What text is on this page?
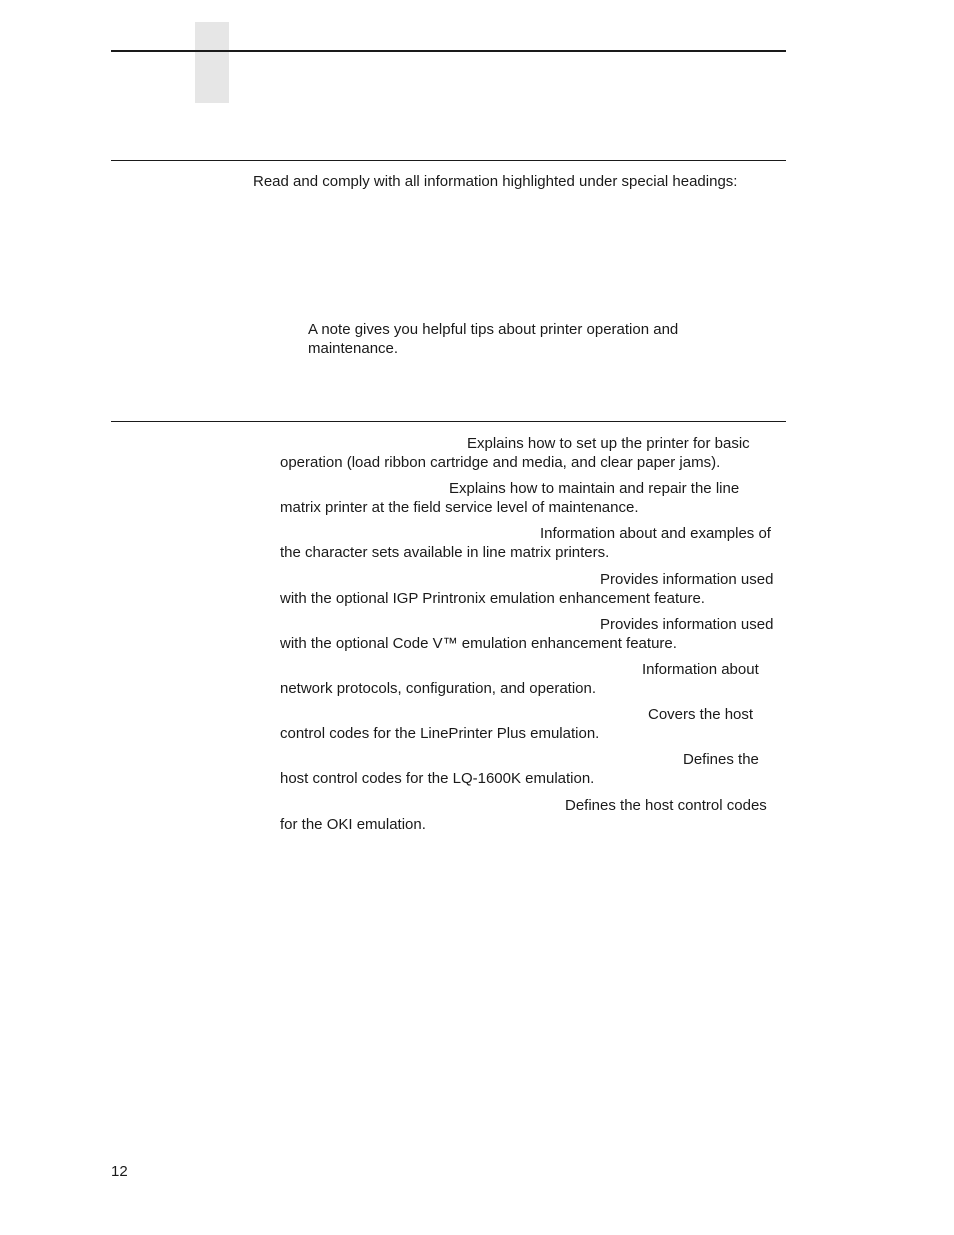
Read and comply with all information highlighted under special headings:
A note gives you helpful tips about printer operation and
maintenance.
Explains how to set up the printer for basic
operation (load ribbon cartridge and media, and clear paper jams).
Explains how to maintain and repair the line
matrix printer at the field service level of maintenance.
Information about and examples of
the character sets available in line matrix printers.
Provides information used
with the optional IGP Printronix emulation enhancement feature.
Provides information used
with the optional Code V™ emulation enhancement feature.
Information about
network protocols, configuration, and operation.
Covers the host
control codes for the LinePrinter Plus emulation.
Defines the
host control codes for the LQ-1600K emulation.
Defines the host control codes
for the OKI emulation.
12
